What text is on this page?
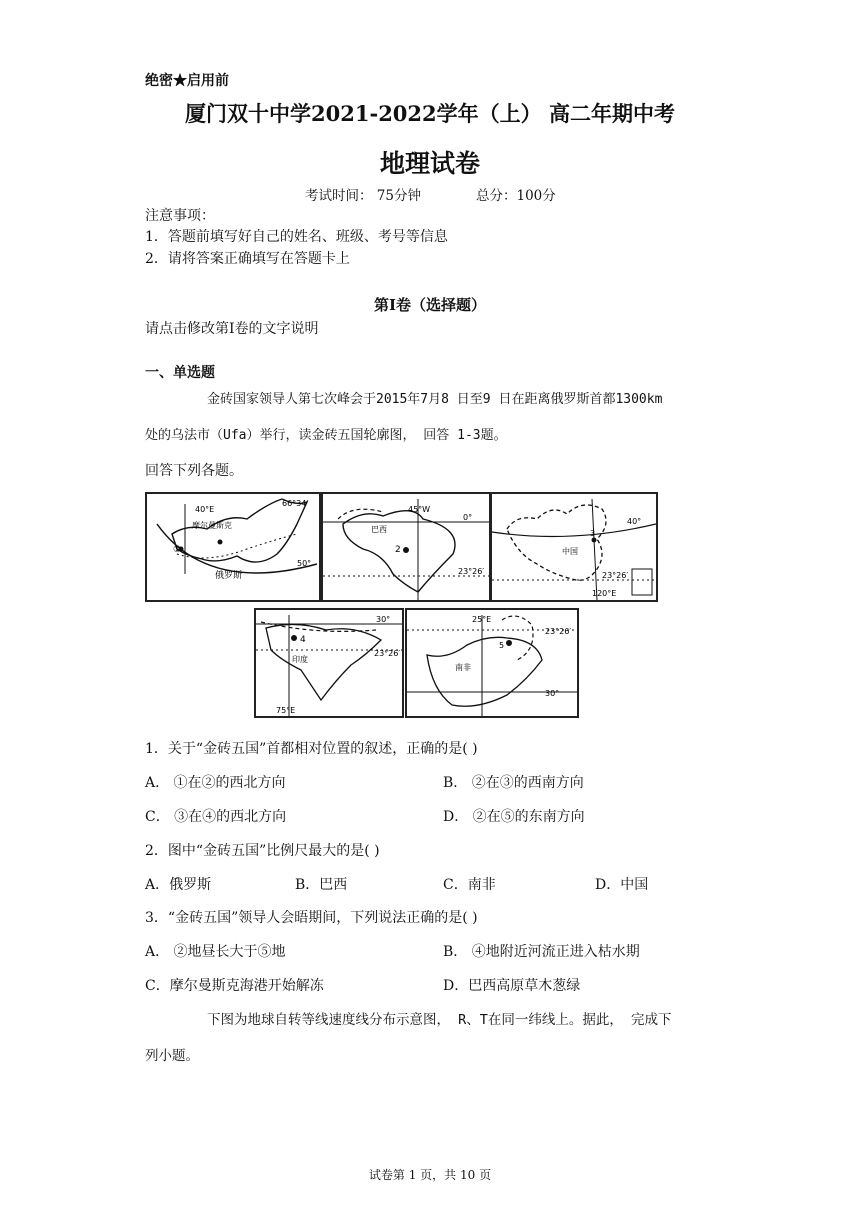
绝密★启用前
厦门双十中学2021-2022学年（上） 高二年期中考
地理试卷
考试时间： 75分钟	总分：100分
注意事项：
1．答题前填写好自己的姓名、班级、考号等信息
2．请将答案正确填写在答题卡上
第Ⅰ卷（选择题）
请点击修改第Ⅰ卷的文字说明
一、单选题
金砖国家领导人第七次峰会于2015年7月8 日至9 日在距离俄罗斯首都1300km
处的乌法市（Ufa）举行，读金砖五国轮廓图， 回答 1-3题。
回答下列各题。
40°E
66°34′
50°
摩尔曼斯克
①
俄罗斯
45°W
0°
23°26′
巴西
2
40°
23°26′
120°E
中国
3
30°
23°26′
75°E
印度
4
25°E
23°26′
30°
南非
5
1．关于“金砖五国”首都相对位置的叙述，正确的是( )
A． ①在②的西北方向	B． ②在③的西南方向
C． ③在④的西北方向	D． ②在⑤的东南方向
2．图中“金砖五国”比例尺最大的是( )
A．俄罗斯	B．巴西	C．南非	D．中国
3．“金砖五国”领导人会晤期间，下列说法正确的是( )
A． ②地昼长大于⑤地	B． ④地附近河流正进入枯水期
C．摩尔曼斯克海港开始解冻	D．巴西高原草木葱绿
下图为地球自转等线速度线分布示意图， R、T在同一纬线上。据此， 完成下
列小题。
试卷第 1 页，共 10 页
